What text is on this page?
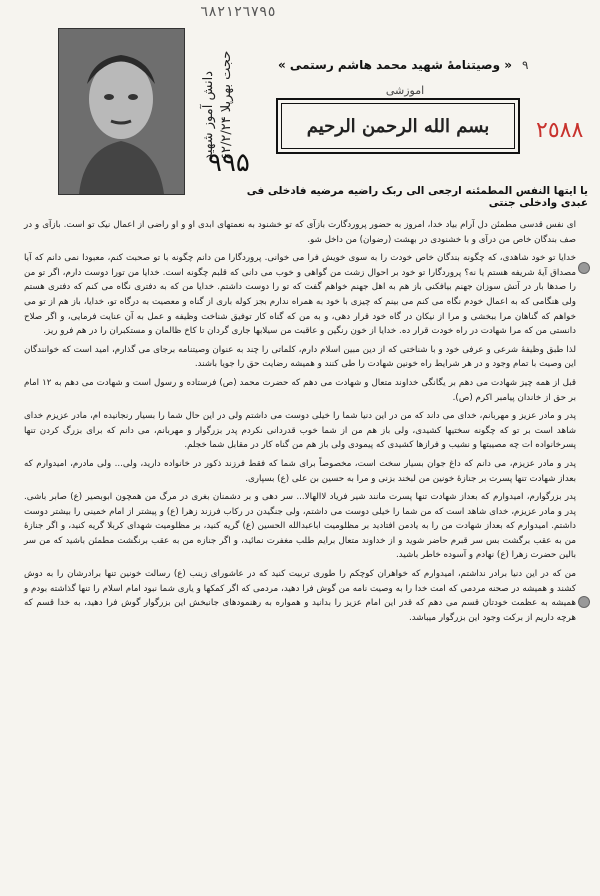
٦٨٢١٢٦٧٩٥
دانش آموز شهید حجت بهرپلا ۶۲/۲/۲۴
۹۹۵
« وصیتنامهٔ شهید محمد هاشم رستمی » ۹
اموزشی
٢٥٨٨
بسم الله الرحمن الرحیم
یا ایتها النفس المطمئنه ارجعی الی ربک راضیه مرضیه فادخلی فی عبدی وادخلی جنتی

ای نفس قدسی مطمئن دل آرام بیاد خدا، امروز به حضور پروردگارت بازآی که تو خشنود به نعمتهای ابدی او و او راضی از اعمال نیک تو است. بازآی و در صف بندگان خاص من درآی و با خشنودی در بهشت (رضوان) من داخل شو.

خدایا تو خود شاهدی، که چگونه بندگان خاص خودت را به سوی خویش فرا می خوانی. پروردگارا من دانم چگونه با تو صحبت کنم، معبودا نمی دانم که آیا مصداق آیهٔ شریفه هستم یا نه؟ پروردگارا تو خود بر احوال زشت من گواهی و خوب می دانی که قلبم چگونه است. خدایا من تورا دوست دارم، اگر تو من را صدها بار در آتش سوزان جهنم بیافکنی باز هم به اهل جهنم خواهم گفت که تو را دوست داشتم. خدایا من که به دفتری نگاه می کنم که دفتری هستم ولی هنگامی که به اعمال خودم نگاه می کنم می بینم که چیزی با خود به همراه ندارم بجز کوله باری از گناه و معصیت به درگاه تو، خدایا، باز هم از تو می خواهم که گناهان مرا ببخشی و مرا از نیکان در گاه خود قرار دهی، و به من که گناه کار توفیق شناخت وظیفه و عمل به آن عنایت فرمایی، و اگر صلاح دانستی من که مرا شهادت در راه خودت قرار ده. خدایا از خون رنگین و عاقبت من سیلابها جاری گردان تا کاخ ظالمان و مستکبران را در هم فرو ریز.

لذا طبق وظیفهٔ شرعی و عرفی خود و با شناختی که از دین مبین اسلام دارم، کلماتی را چند به عنوان وصیتنامه برجای می گذارم، امید است که خوانندگان این وصیت با تمام وجود و در هر شرایط راه خونین شهادت را طی کنند و همیشه رضایت حق را جویا باشند.

قبل از همه چیز شهادت می دهم بر یگانگی خداوند متعال و شهادت می دهم که حضرت محمد (ص) فرستاده و رسول است و شهادت می دهم به ۱۲ امام بر حق از خاندان پیامبر اکرم (ص).

پدر و مادر عزیز و مهربانم، خدای می داند که من در این دنیا شما را خیلی دوست می داشتم ولی در این حال شما را بسیار رنجانیده ام، مادر عزیزم خدای شاهد است بر تو که چگونه سختیها کشیدی، ولی باز هم من از شما خوب قدردانی نکردم پدر بزرگوار و مهربانم، می دانم که برای بزرگ کردن تنها پسرخانواده ات چه مصیبتها و نشیب و فرازها کشیدی که پیمودی ولی باز هم من گناه کار در مقابل شما خجلم.

پدر و مادر عزیزم، می دانم که داغ جوان بسیار سخت است، مخصوصاً برای شما که فقط فرزند ذکور در خانواده دارید، ولی... ولی مادرم، امیدوارم که بعداز شهادت تنها پسرت بر جنازهٔ خونین من لبخند بزنی و مرا به حسین بن علی (ع) بسپاری.

پدر بزرگوارم، امیدوارم که بعداز شهادت تنها پسرت مانند شیر فریاد لاالهالا... سر دهی و بر دشمنان بغری در مرگ من همچون ابوبصیر (ع) صابر باشی. پدر و مادر عزیزم، خدای شاهد است که من شما را خیلی دوست می داشتم، ولی جنگیدن در رکاب فرزند زهرا (ع) و پیشتر از امام خمینی را بیشتر دوست داشتم. امیدوارم که بعداز شهادت من را به یادمن افتادید بر مظلومیت اباعبدالله الحسین (ع) گریه کنید، بر مظلومیت شهدای کربلا گریه کنید، و اگر جنازهٔ من به عقب برگشت بس سر قبرم حاضر شوید و از خداوند متعال برایم طلب مغفرت نمائید، و اگر جنازه من به عقب برنگشت مطمئن باشید که من سر بالین حضرت زهرا (ع) نهادم و آسوده خاطر باشید.

من که در این دنیا برادر نداشتم، امیدوارم که خواهران کوچکم را طوری تربیت کنید که در عاشورای زینب (ع) رسالت خونین تنها برادرشان را به دوش کشند و همیشه در صحنه مردمی که امت خدا را به وصیت نامه من گوش فرا دهید، مردمی که اگر کمکها و یاری شما نبود امام اسلام را تنها گذاشته بودم و همیشه به عظمت خودتان قسم می دهم که قدر این امام عزیز را بدانید و همواره به رهنمودهای جانبخش این بزرگوار گوش فرا دهید، به خدا قسم که هرچه داریم از برکت وجود این بزرگوار میباشد.
